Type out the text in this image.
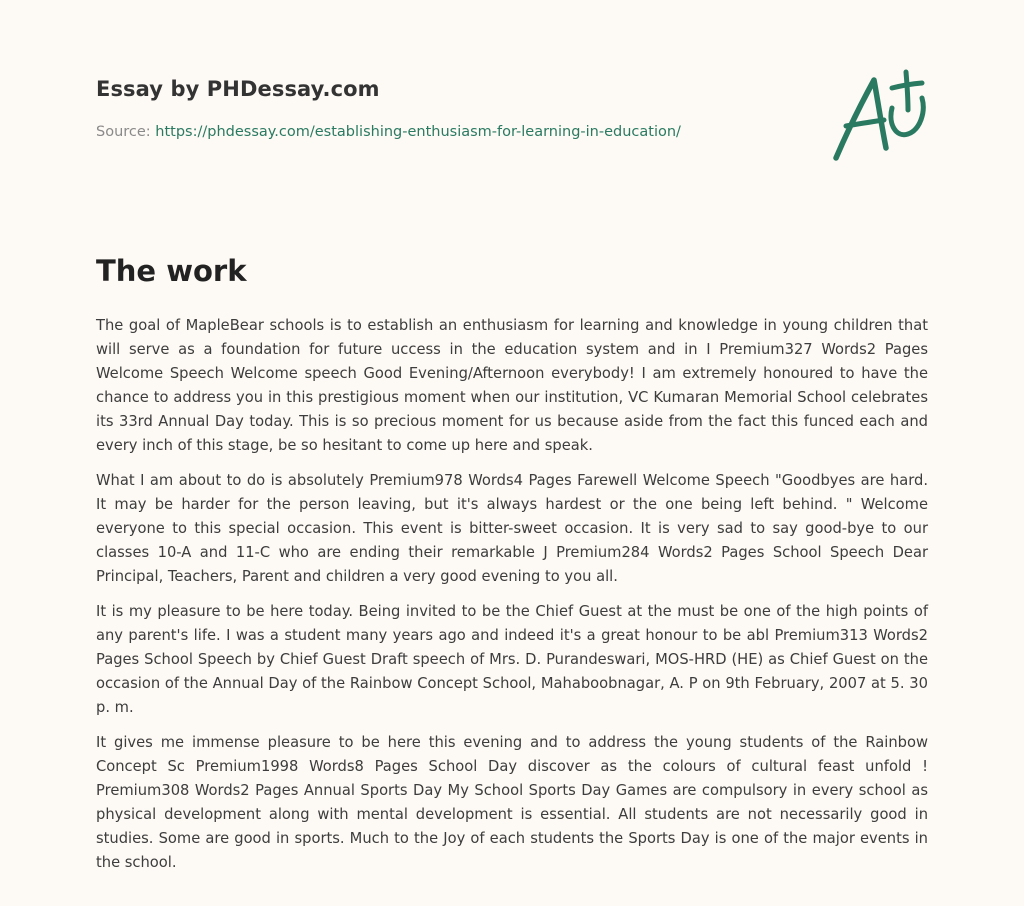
Essay by PHDessay.com
Source: https://phdessay.com/establishing-enthusiasm-for-learning-in-education/
The work

The goal of MapleBear schools is to establish an enthusiasm for learning and knowledge in young children that will serve as a foundation for future uccess in the education system and in I Premium327 Words2 Pages Welcome Speech Welcome speech Good Evening/Afternoon everybody! I am extremely honoured to have the chance to address you in this prestigious moment when our institution, VC Kumaran Memorial School celebrates its 33rd Annual Day today. This is so precious moment for us because aside from the fact this funced each and every inch of this stage, be so hesitant to come up here and speak.

What I am about to do is absolutely Premium978 Words4 Pages Farewell Welcome Speech "Goodbyes are hard. It may be harder for the person leaving, but it's always hardest or the one being left behind. " Welcome everyone to this special occasion. This event is bitter-sweet occasion. It is very sad to say good-bye to our classes 10-A and 11-C who are ending their remarkable J Premium284 Words2 Pages School Speech Dear Principal, Teachers, Parent and children a very good evening to you all.

It is my pleasure to be here today. Being invited to be the Chief Guest at the must be one of the high points of any parent's life. I was a student many years ago and indeed it's a great honour to be abl Premium313 Words2 Pages School Speech by Chief Guest Draft speech of Mrs. D. Purandeswari, MOS-HRD (HE) as Chief Guest on the occasion of the Annual Day of the Rainbow Concept School, Mahaboobnagar, A. P on 9th February, 2007 at 5. 30 p. m.

It gives me immense pleasure to be here this evening and to address the young students of the Rainbow Concept Sc Premium1998 Words8 Pages School Day discover as the colours of cultural feast unfold ! Premium308 Words2 Pages Annual Sports Day My School Sports Day Games are compulsory in every school as physical development along with mental development is essential. All students are not necessarily good in studies. Some are good in sports. Much to the Joy of each students the Sports Day is one of the major events in the school.
